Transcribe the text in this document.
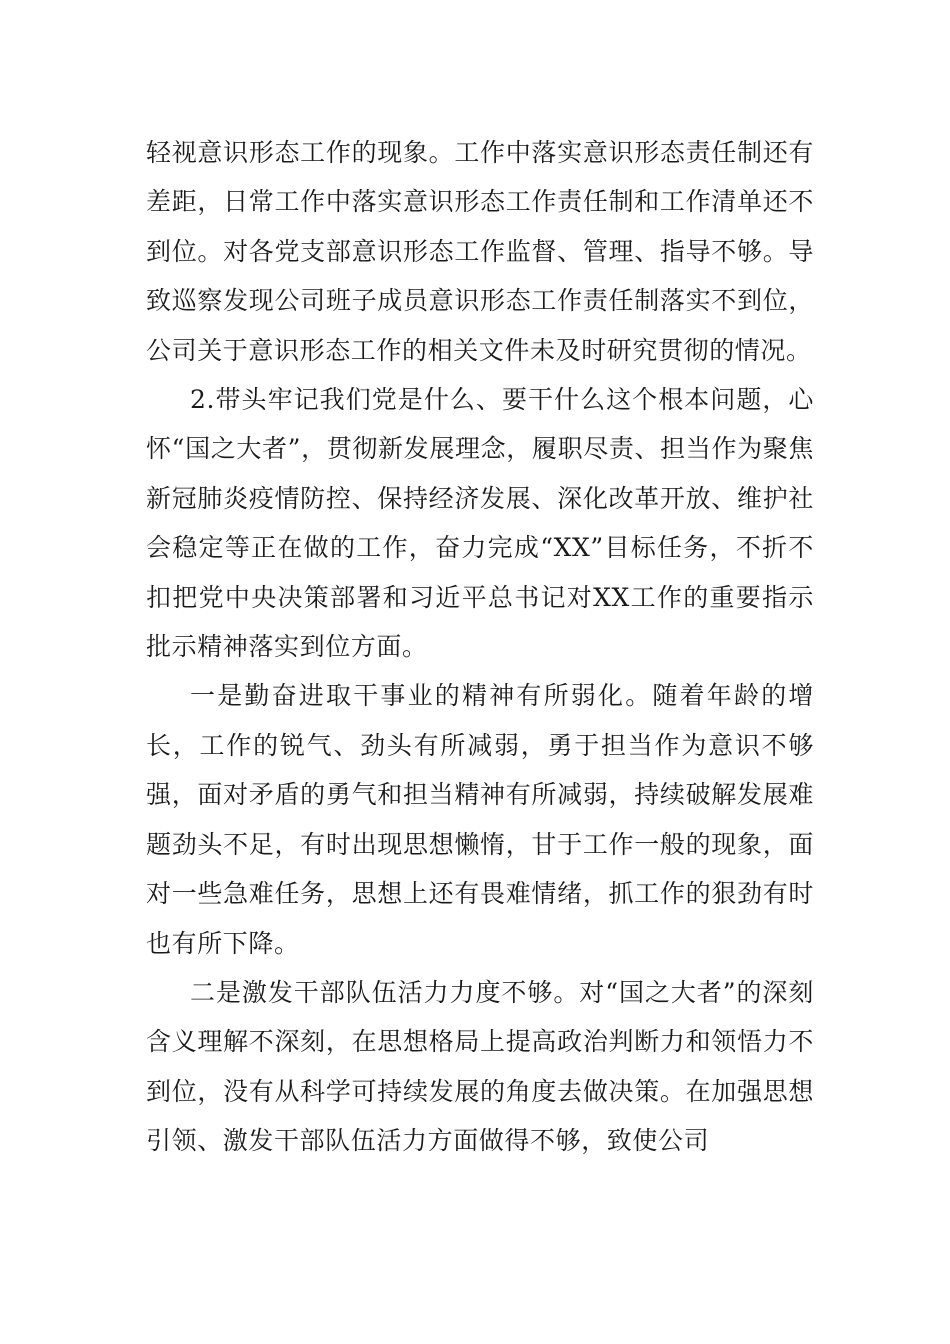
轻视意识形态工作的现象。工作中落实意识形态责任制还有差距，日常工作中落实意识形态工作责任制和工作清单还不到位。对各党支部意识形态工作监督、管理、指导不够。导致巡察发现公司班子成员意识形态工作责任制落实不到位，公司关于意识形态工作的相关文件未及时研究贯彻的情况。

2.带头牢记我们党是什么、要干什么这个根本问题，心怀“国之大者”，贯彻新发展理念，履职尽责、担当作为聚焦新冠肺炎疫情防控、保持经济发展、深化改革开放、维护社会稳定等正在做的工作，奋力完成“XX”目标任务，不折不扣把党中央决策部署和习近平总书记对XX工作的重要指示批示精神落实到位方面。

一是勤奋进取干事业的精神有所弱化。随着年龄的增长，工作的锐气、劲头有所减弱，勇于担当作为意识不够强，面对矛盾的勇气和担当精神有所减弱，持续破解发展难题劲头不足，有时出现思想懒惰，甘于工作一般的现象，面对一些急难任务，思想上还有畏难情绪，抓工作的狠劲有时也有所下降。

二是激发干部队伍活力力度不够。对“国之大者”的深刻含义理解不深刻，在思想格局上提高政治判断力和领悟力不到位，没有从科学可持续发展的角度去做决策。在加强思想引领、激发干部队伍活力方面做得不够，致使公司
